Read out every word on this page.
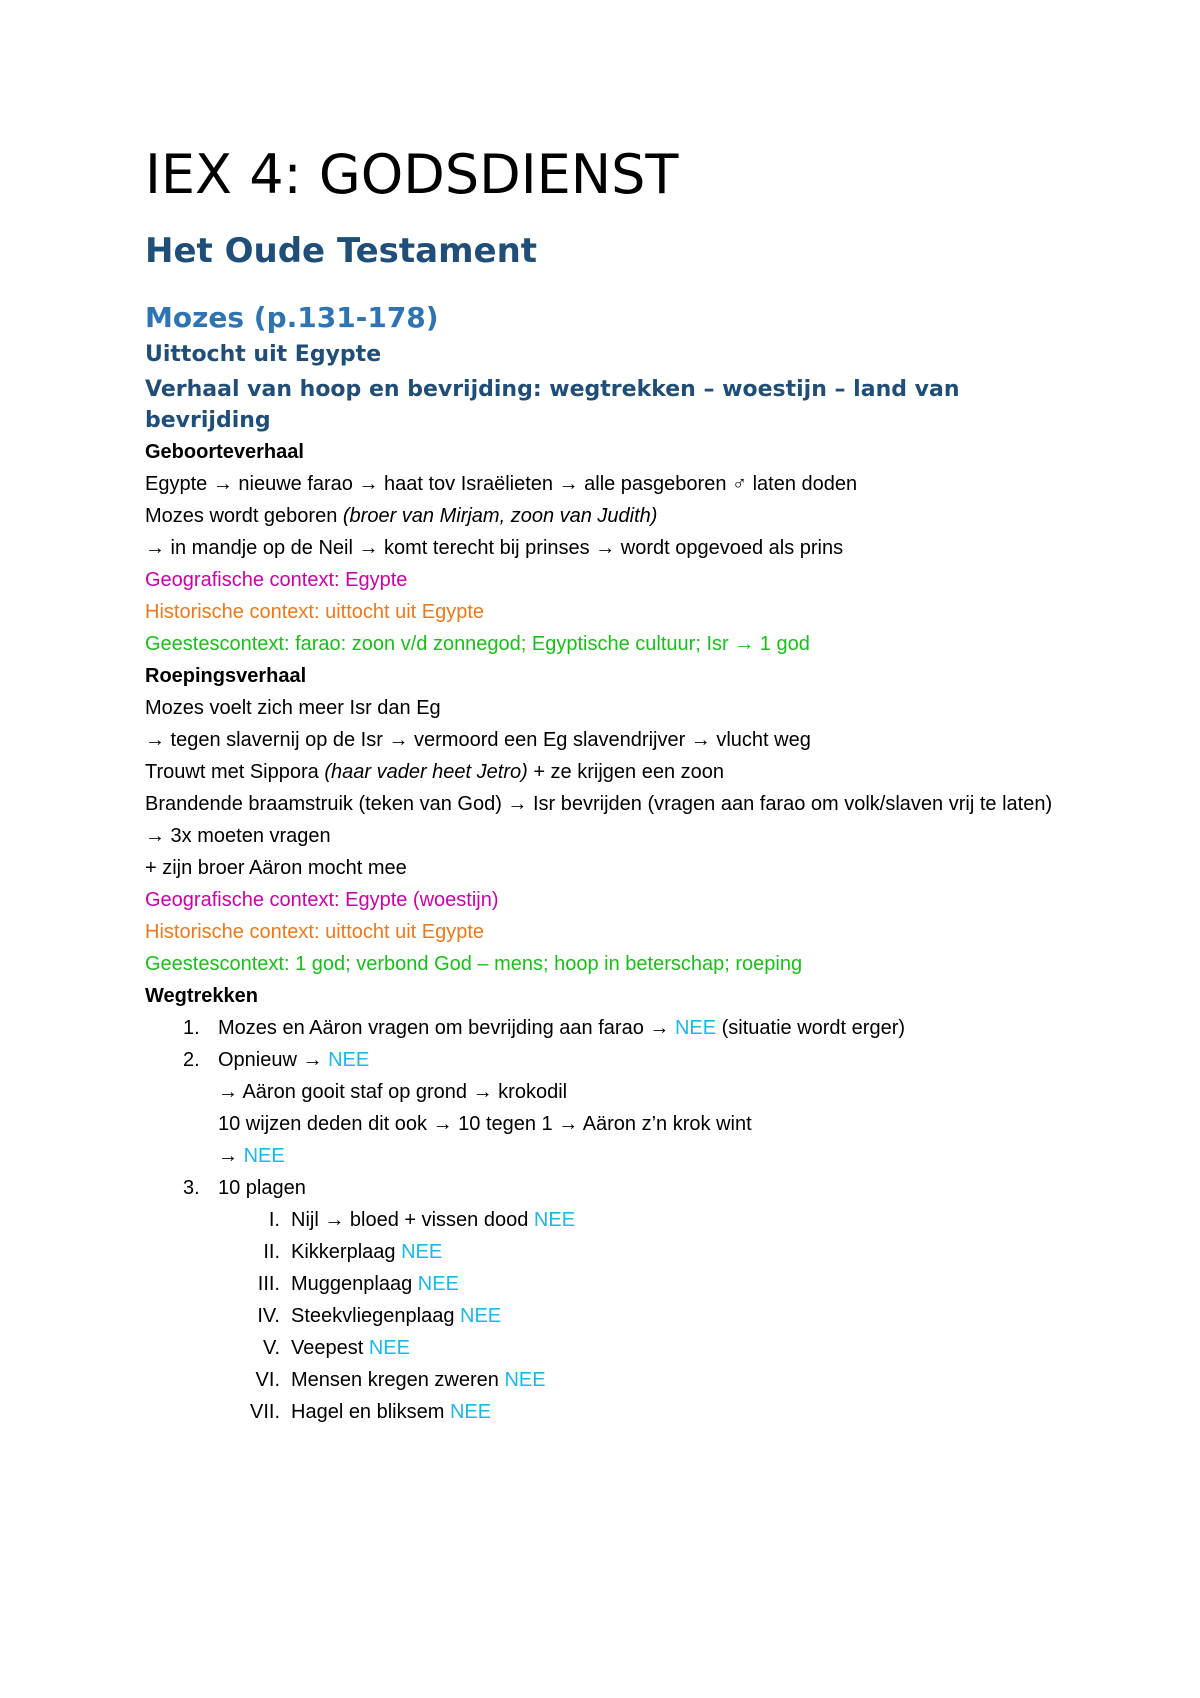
IEX 4: GODSDIENST
Het Oude Testament
Mozes (p.131-178)
Uittocht uit Egypte
Verhaal van hoop en bevrijding: wegtrekken – woestijn – land van bevrijding

Geboorteverhaal

Egypte → nieuwe farao → haat tov Israëlieten → alle pasgeboren ♂ laten doden

Mozes wordt geboren (broer van Mirjam, zoon van Judith)

→ in mandje op de Neil → komt terecht bij prinses → wordt opgevoed als prins

Geografische context: Egypte

Historische context: uittocht uit Egypte

Geestescontext: farao: zoon v/d zonnegod; Egyptische cultuur; Isr → 1 god

Roepingsverhaal

Mozes voelt zich meer Isr dan Eg

→ tegen slavernij op de Isr → vermoord een Eg slavendrijver → vlucht weg

Trouwt met Sippora (haar vader heet Jetro) + ze krijgen een zoon

Brandende braamstruik (teken van God) → Isr bevrijden (vragen aan farao om volk/slaven vrij te laten) → 3x moeten vragen

+ zijn broer Aäron mocht mee

Geografische context: Egypte (woestijn)

Historische context: uittocht uit Egypte

Geestescontext: 1 god; verbond God – mens; hoop in beterschap; roeping

Wegtrekken

1. Mozes en Aäron vragen om bevrijding aan farao → NEE (situatie wordt erger)

2. Opnieuw → NEE

→ Aäron gooit staf op grond → krokodil

10 wijzen deden dit ook → 10 tegen 1 → Aäron z’n krok wint

→ NEE

3. 10 plagen

I. Nijl → bloed + vissen dood NEE

II. Kikkerplaag NEE

III. Muggenplaag NEE

IV. Steekvliegenplaag NEE

V. Veepest NEE

VI. Mensen kregen zweren NEE

VII. Hagel en bliksem NEE
